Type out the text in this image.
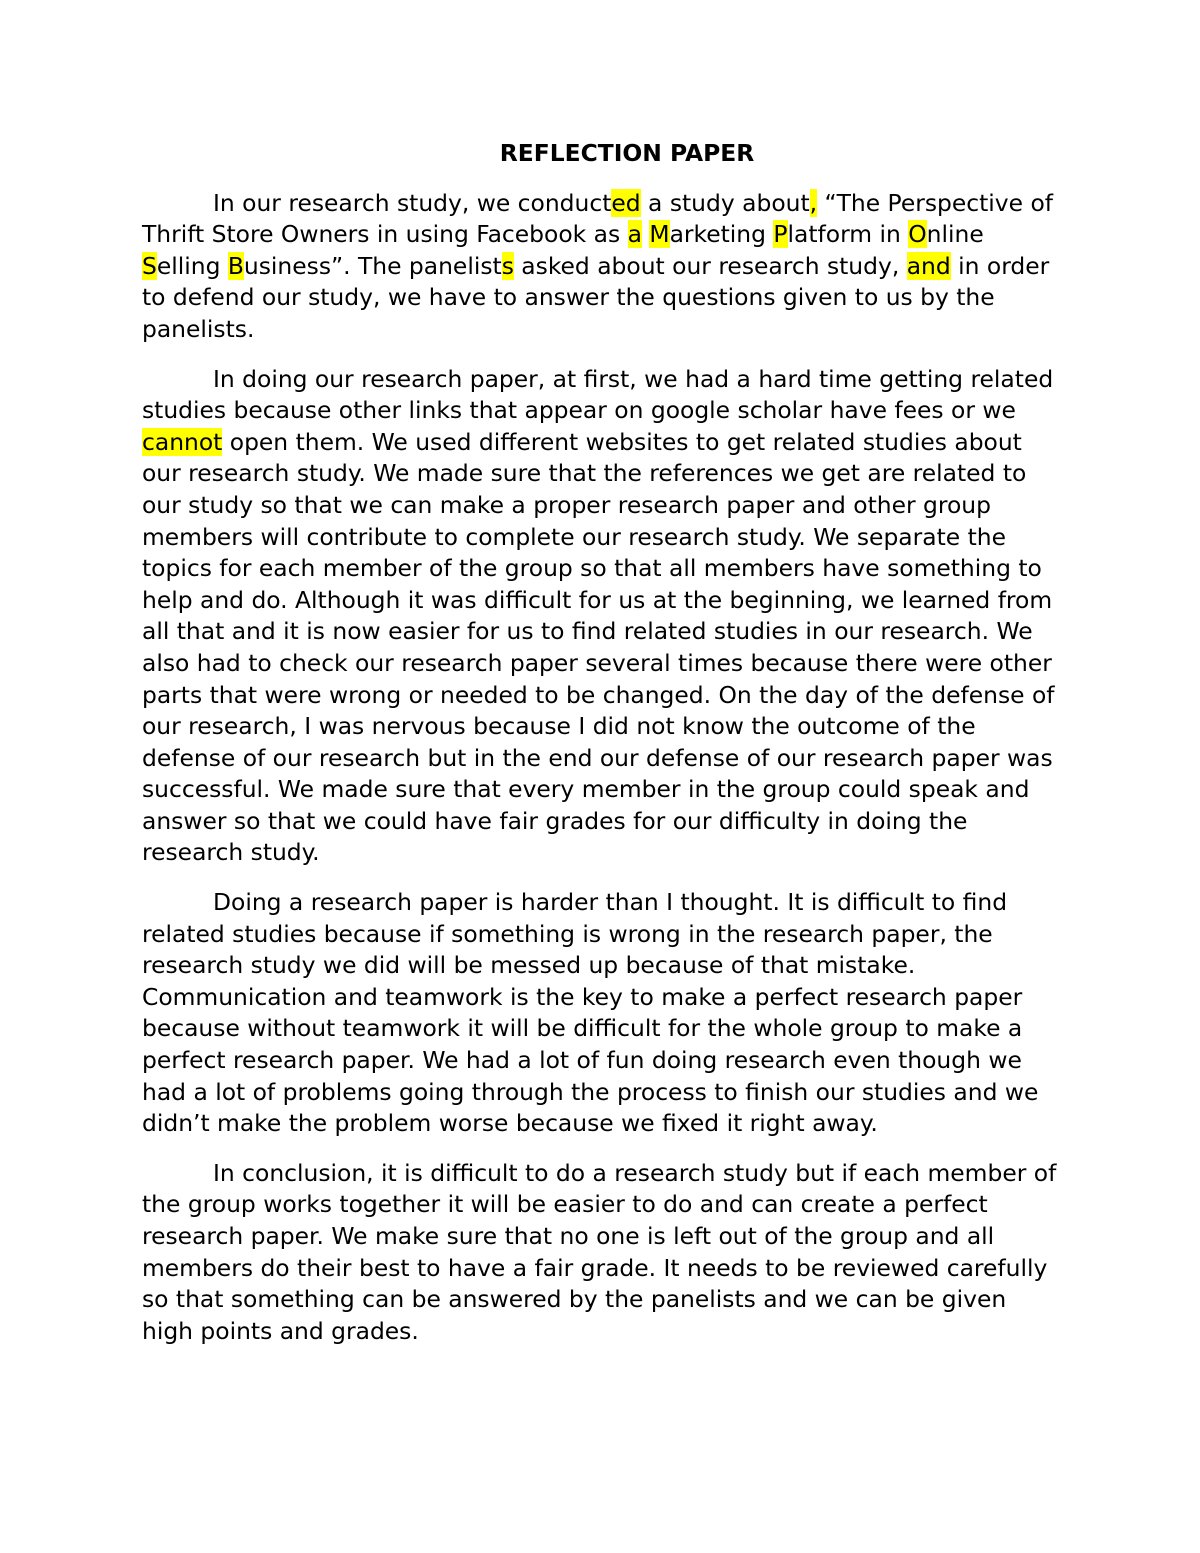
REFLECTION PAPER

In our research study, we conducted a study about, “The Perspective of Thrift Store Owners in using Facebook as a Marketing Platform in Online Selling Business”. The panelists asked about our research study, and in order to defend our study, we have to answer the questions given to us by the panelists.

In doing our research paper, at first, we had a hard time getting related studies because other links that appear on google scholar have fees or we cannot open them. We used different websites to get related studies about our research study. We made sure that the references we get are related to our study so that we can make a proper research paper and other group members will contribute to complete our research study. We separate the topics for each member of the group so that all members have something to help and do. Although it was difficult for us at the beginning, we learned from all that and it is now easier for us to find related studies in our research. We also had to check our research paper several times because there were other parts that were wrong or needed to be changed. On the day of the defense of our research, I was nervous because I did not know the outcome of the defense of our research but in the end our defense of our research paper was successful. We made sure that every member in the group could speak and answer so that we could have fair grades for our difficulty in doing the research study.

Doing a research paper is harder than I thought. It is difficult to find related studies because if something is wrong in the research paper, the research study we did will be messed up because of that mistake. Communication and teamwork is the key to make a perfect research paper because without teamwork it will be difficult for the whole group to make a perfect research paper. We had a lot of fun doing research even though we had a lot of problems going through the process to finish our studies and we didn’t make the problem worse because we fixed it right away.

In conclusion, it is difficult to do a research study but if each member of the group works together it will be easier to do and can create a perfect research paper. We make sure that no one is left out of the group and all members do their best to have a fair grade. It needs to be reviewed carefully so that something can be answered by the panelists and we can be given high points and grades.
